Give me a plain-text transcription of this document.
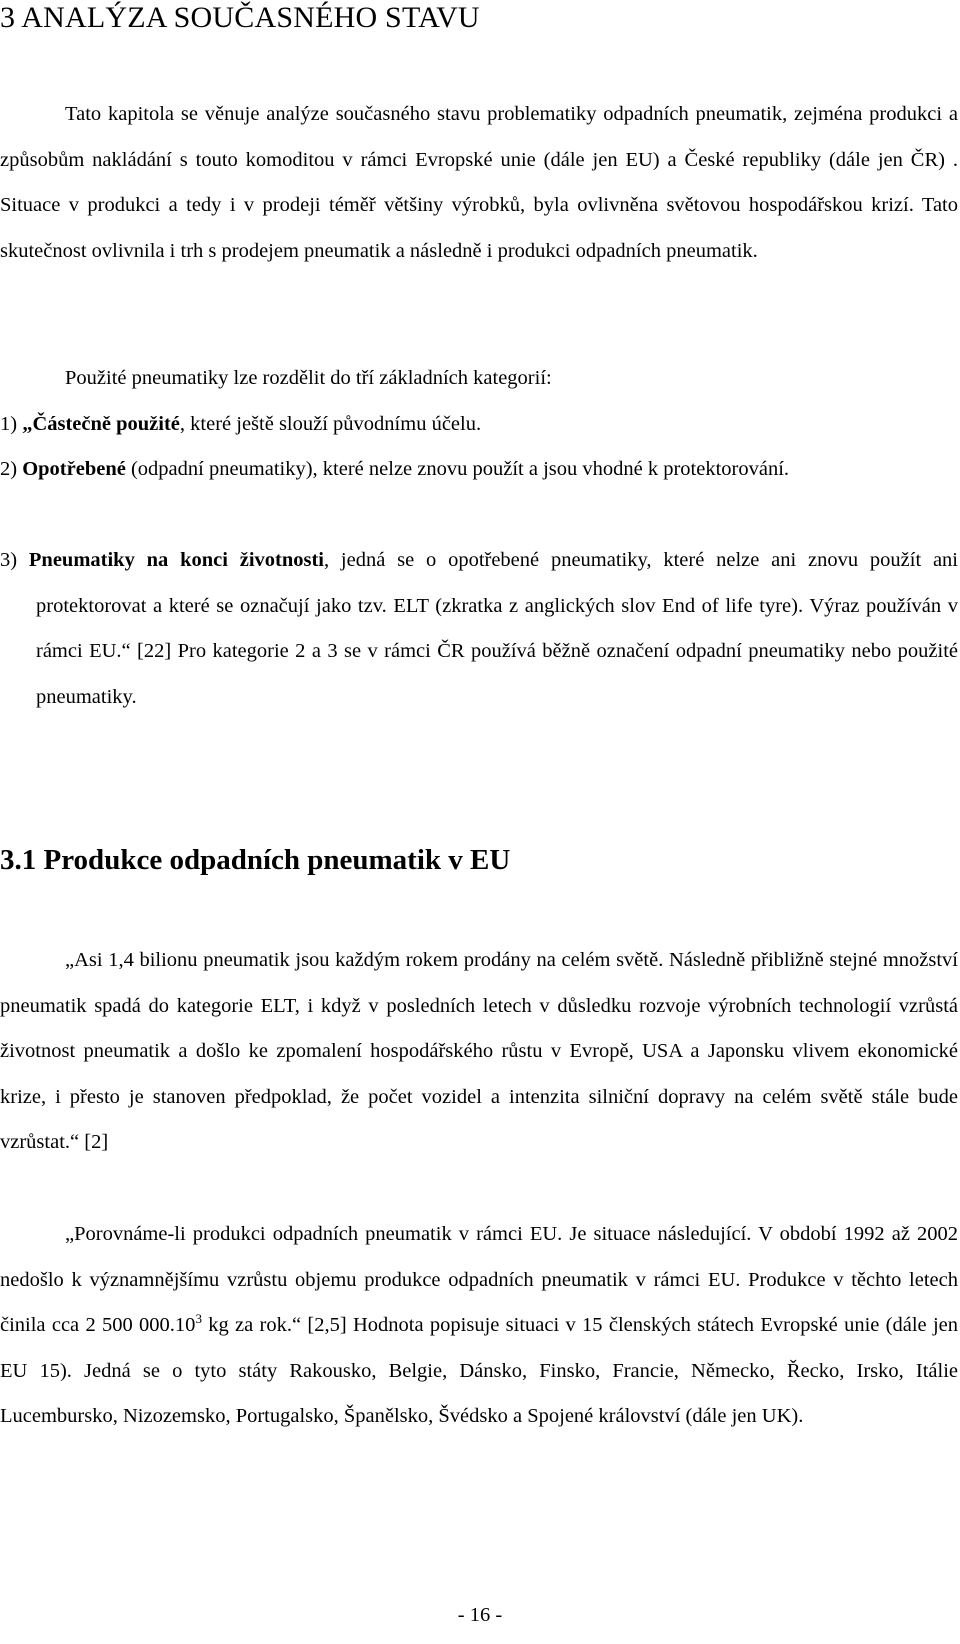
3 ANALÝZA SOUČASNÉHO STAVU

Tato kapitola se věnuje analýze současného stavu problematiky odpadních pneumatik, zejména produkci a způsobům nakládání s touto komoditou v rámci Evropské unie (dále jen EU) a České republiky (dále jen ČR) . Situace v produkci a tedy i v prodeji téměř většiny výrobků, byla ovlivněna světovou hospodářskou krizí. Tato skutečnost ovlivnila i trh s prodejem pneumatik a následně i produkci odpadních pneumatik.

Použité pneumatiky lze rozdělit do tří základních kategorií:

1) „Částečně použité, které ještě slouží původnímu účelu.

2) Opotřebené (odpadní pneumatiky), které nelze znovu použít a jsou vhodné k protektorování.

3) Pneumatiky na konci životnosti, jedná se o opotřebené pneumatiky, které nelze ani znovu použít ani protektorovat a které se označují jako tzv. ELT (zkratka z anglických slov End of life tyre). Výraz používán v rámci EU.“ [22] Pro kategorie 2 a 3 se v rámci ČR používá běžně označení odpadní pneumatiky nebo použité pneumatiky.

3.1 Produkce odpadních pneumatik v EU

„Asi 1,4 bilionu pneumatik jsou každým rokem prodány na celém světě. Následně přibližně stejné množství pneumatik spadá do kategorie ELT, i když v posledních letech v důsledku rozvoje výrobních technologií vzrůstá životnost pneumatik a došlo ke zpomalení hospodářského růstu v Evropě, USA a Japonsku vlivem ekonomické krize, i přesto je stanoven předpoklad, že počet vozidel a intenzita silniční dopravy na celém světě stále bude vzrůstat.“ [2]

„Porovnáme-li produkci odpadních pneumatik v rámci EU. Je situace následující. V období 1992 až 2002 nedošlo k významnějšímu vzrůstu objemu produkce odpadních pneumatik v rámci EU. Produkce v těchto letech činila cca 2 500 000.10$^3$ kg za rok.“ [2,5] Hodnota popisuje situaci v 15 členských státech Evropské unie (dále jen EU 15). Jedná se o tyto státy Rakousko, Belgie, Dánsko, Finsko, Francie, Německo, Řecko, Irsko, Itálie Lucembursko, Nizozemsko, Portugalsko, Španělsko, Švédsko a Spojené království (dále jen UK).

- 16 -
